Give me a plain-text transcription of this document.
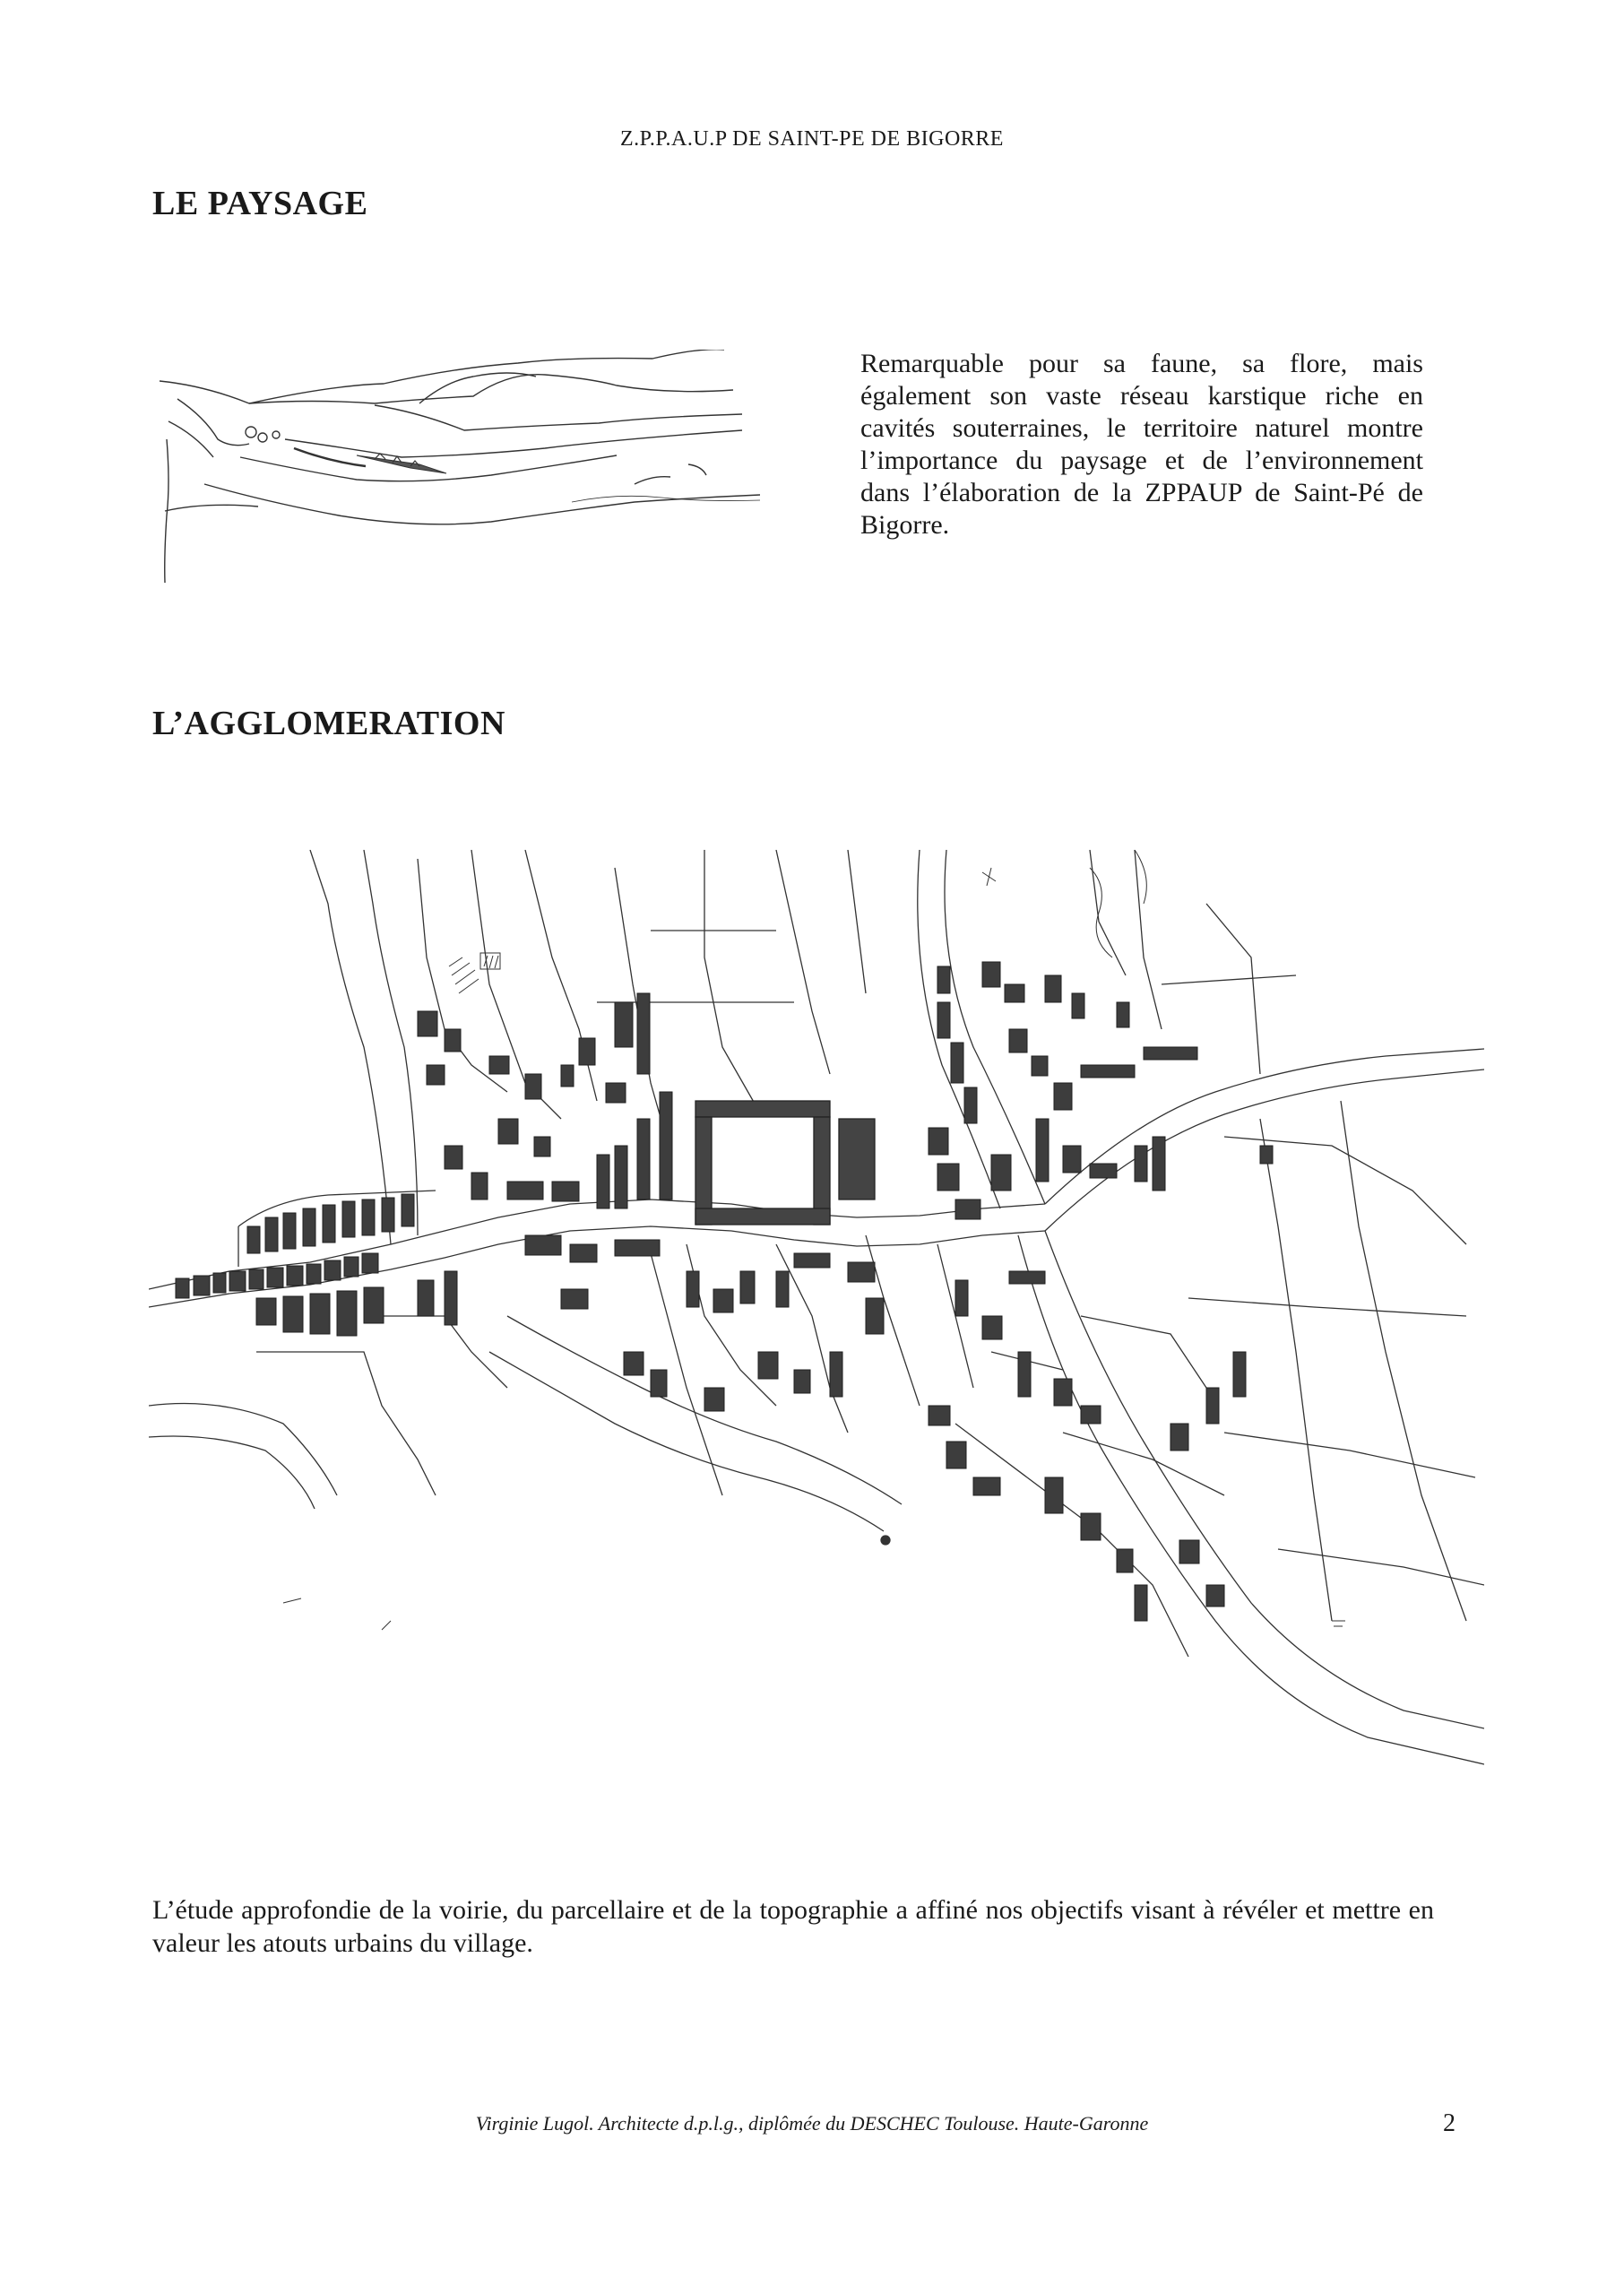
Z.P.P.A.U.P DE SAINT-PE DE BIGORRE
LE PAYSAGE
Remarquable pour sa faune, sa flore, mais également son vaste réseau karstique riche en cavités souterraines, le territoire naturel montre l’importance du paysage et de l’environnement dans l’élaboration de la ZPPAUP de Saint-Pé de Bigorre.
L’AGGLOMERATION
L’étude approfondie de la voirie, du parcellaire et de la topographie a affiné nos objectifs visant à révéler et mettre en valeur les atouts urbains du village.
Virginie Lugol. Architecte d.p.l.g., diplômée du DESCHEC Toulouse. Haute-Garonne	2
